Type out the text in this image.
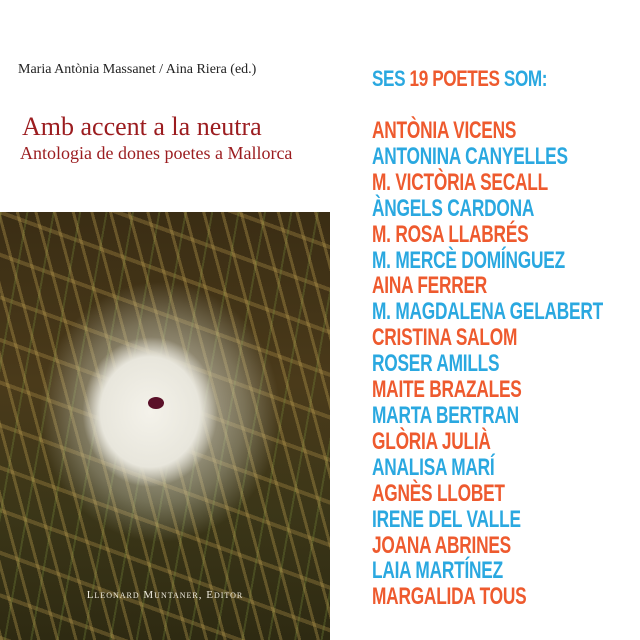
Maria Antònia Massanet / Aina Riera (ed.)
Amb accent a la neutra
Antologia de dones poetes a Mallorca
Lleonard Muntaner, Editor
SES 19 POETES SOM:
ANTÒNIA VICENS
ANTONINA CANYELLES
M. VICTÒRIA SECALL
ÀNGELS CARDONA
M. ROSA LLABRÉS
M. MERCÈ DOMÍNGUEZ
AINA FERRER
M. MAGDALENA GELABERT
CRISTINA SALOM
ROSER AMILLS
MAITE BRAZALES
MARTA BERTRAN
GLÒRIA JULIÀ
ANALISA MARÍ
AGNÈS LLOBET
IRENE DEL VALLE
JOANA ABRINES
LAIA MARTÍNEZ
MARGALIDA TOUS
